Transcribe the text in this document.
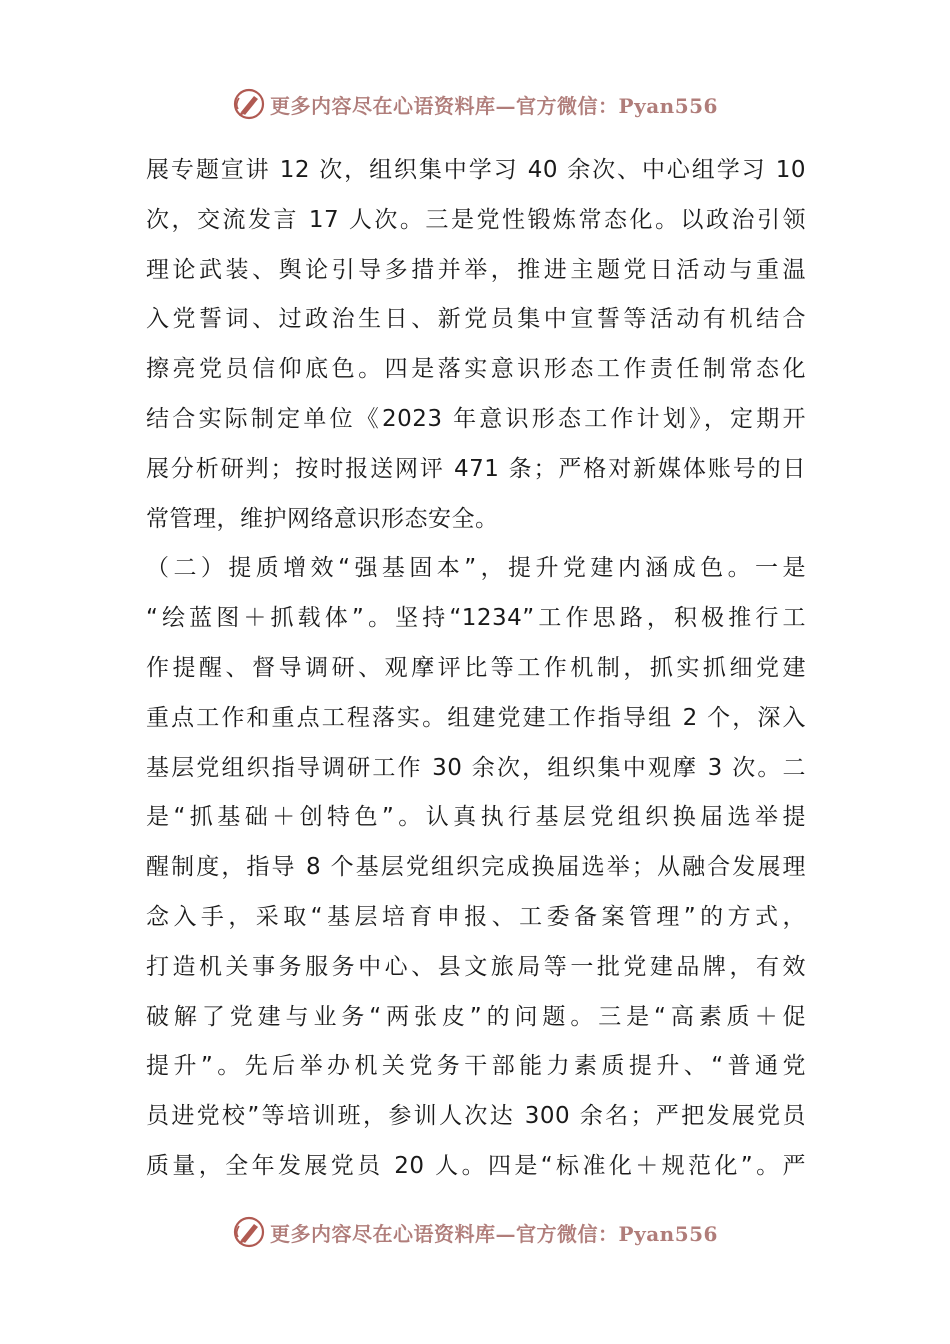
更多内容尽在心语资料库—官方微信：Pyan556
展专题宣讲 12 次，组织集中学习 40 余次、中心组学习 10
次，交流发言 17 人次。三是党性锻炼常态化。以政治引领
理论武装、舆论引导多措并举，推进主题党日活动与重温
入党誓词、过政治生日、新党员集中宣誓等活动有机结合
擦亮党员信仰底色。四是落实意识形态工作责任制常态化
结合实际制定单位《2023 年意识形态工作计划》，定期开
展分析研判；按时报送网评 471 条；严格对新媒体账号的日
常管理，维护网络意识形态安全。
（二）提质增效“强基固本”，提升党建内涵成色。一是
“绘蓝图＋抓载体”。坚持“1234”工作思路，积极推行工
作提醒、督导调研、观摩评比等工作机制，抓实抓细党建
重点工作和重点工程落实。组建党建工作指导组 2 个，深入
基层党组织指导调研工作 30 余次，组织集中观摩 3 次。二
是“抓基础＋创特色”。认真执行基层党组织换届选举提
醒制度，指导 8 个基层党组织完成换届选举；从融合发展理
念入手，采取“基层培育申报、工委备案管理”的方式，
打造机关事务服务中心、县文旅局等一批党建品牌，有效
破解了党建与业务“两张皮”的问题。三是“高素质＋促
提升”。先后举办机关党务干部能力素质提升、“普通党
员进党校”等培训班，参训人次达 300 余名；严把发展党员
质量，全年发展党员 20 人。四是“标准化＋规范化”。严
更多内容尽在心语资料库—官方微信：Pyan556
